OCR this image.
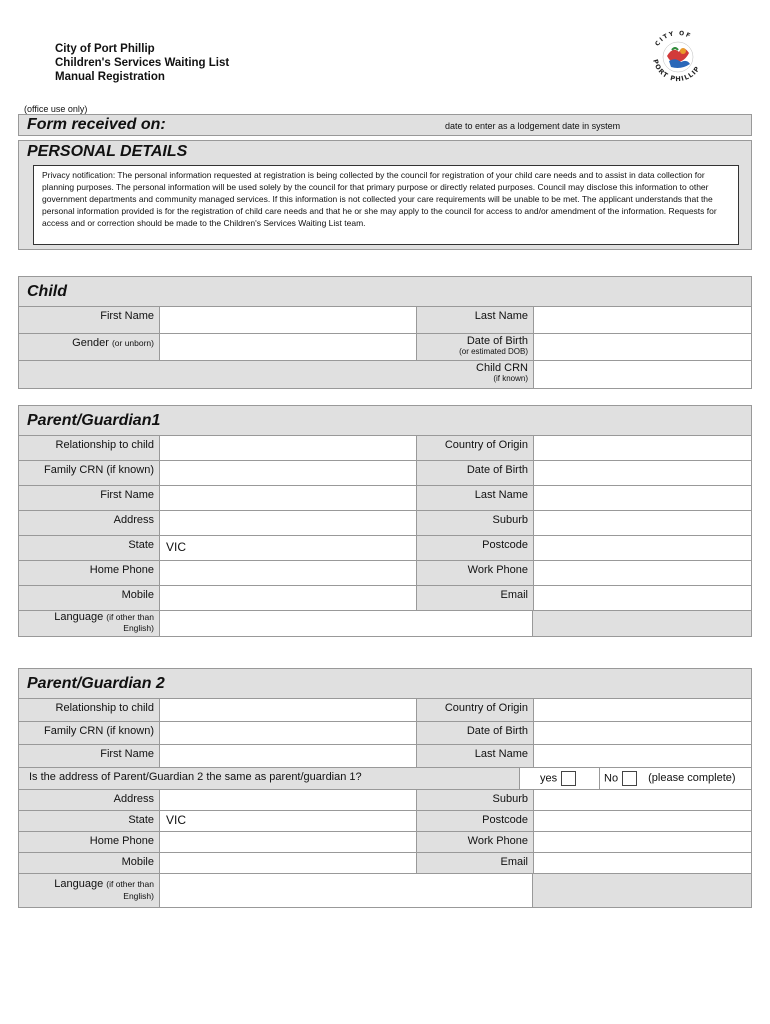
City of Port Phillip
Children's Services Waiting List
Manual Registration
CITY OF
PORT PHILLIP
(office use only)
Form received on:	date to enter as a lodgement date in system
PERSONAL DETAILS
Privacy notification: The personal information requested at registration is being collected by the council for registration of your child care needs and to assist in data collection for planning purposes. The personal information will be used solely by the council for that primary purpose or directly related purposes. Council may disclose this information to other government departments and community managed services. If this information is not collected your care requirements will be unable to be met. The applicant understands that the personal information provided is for the registration of child care needs and that he or she may apply to the council for access to and/or amendment of the information. Requests for access and or correction should be made to the Children's Services Waiting List team.
Child
First Name	Last Name
Gender (or unborn)	Date of Birth
(or estimated DOB)
Child CRN
(if known)
Parent/Guardian1
Relationship to child	Country of Origin
Family CRN (if known)	Date of Birth
First Name	Last Name
Address	Suburb
State	VIC	Postcode
Home Phone	Work Phone
Mobile	Email
Language (if other than
English)
Parent/Guardian 2
Relationship to child	Country of Origin
Family CRN (if known)	Date of Birth
First Name	Last Name
Is the address of Parent/Guardian 2 the same as parent/guardian 1?	yes	No	(please complete)
Address	Suburb
State	VIC	Postcode
Home Phone	Work Phone
Mobile	Email
Language (if other than
English)
